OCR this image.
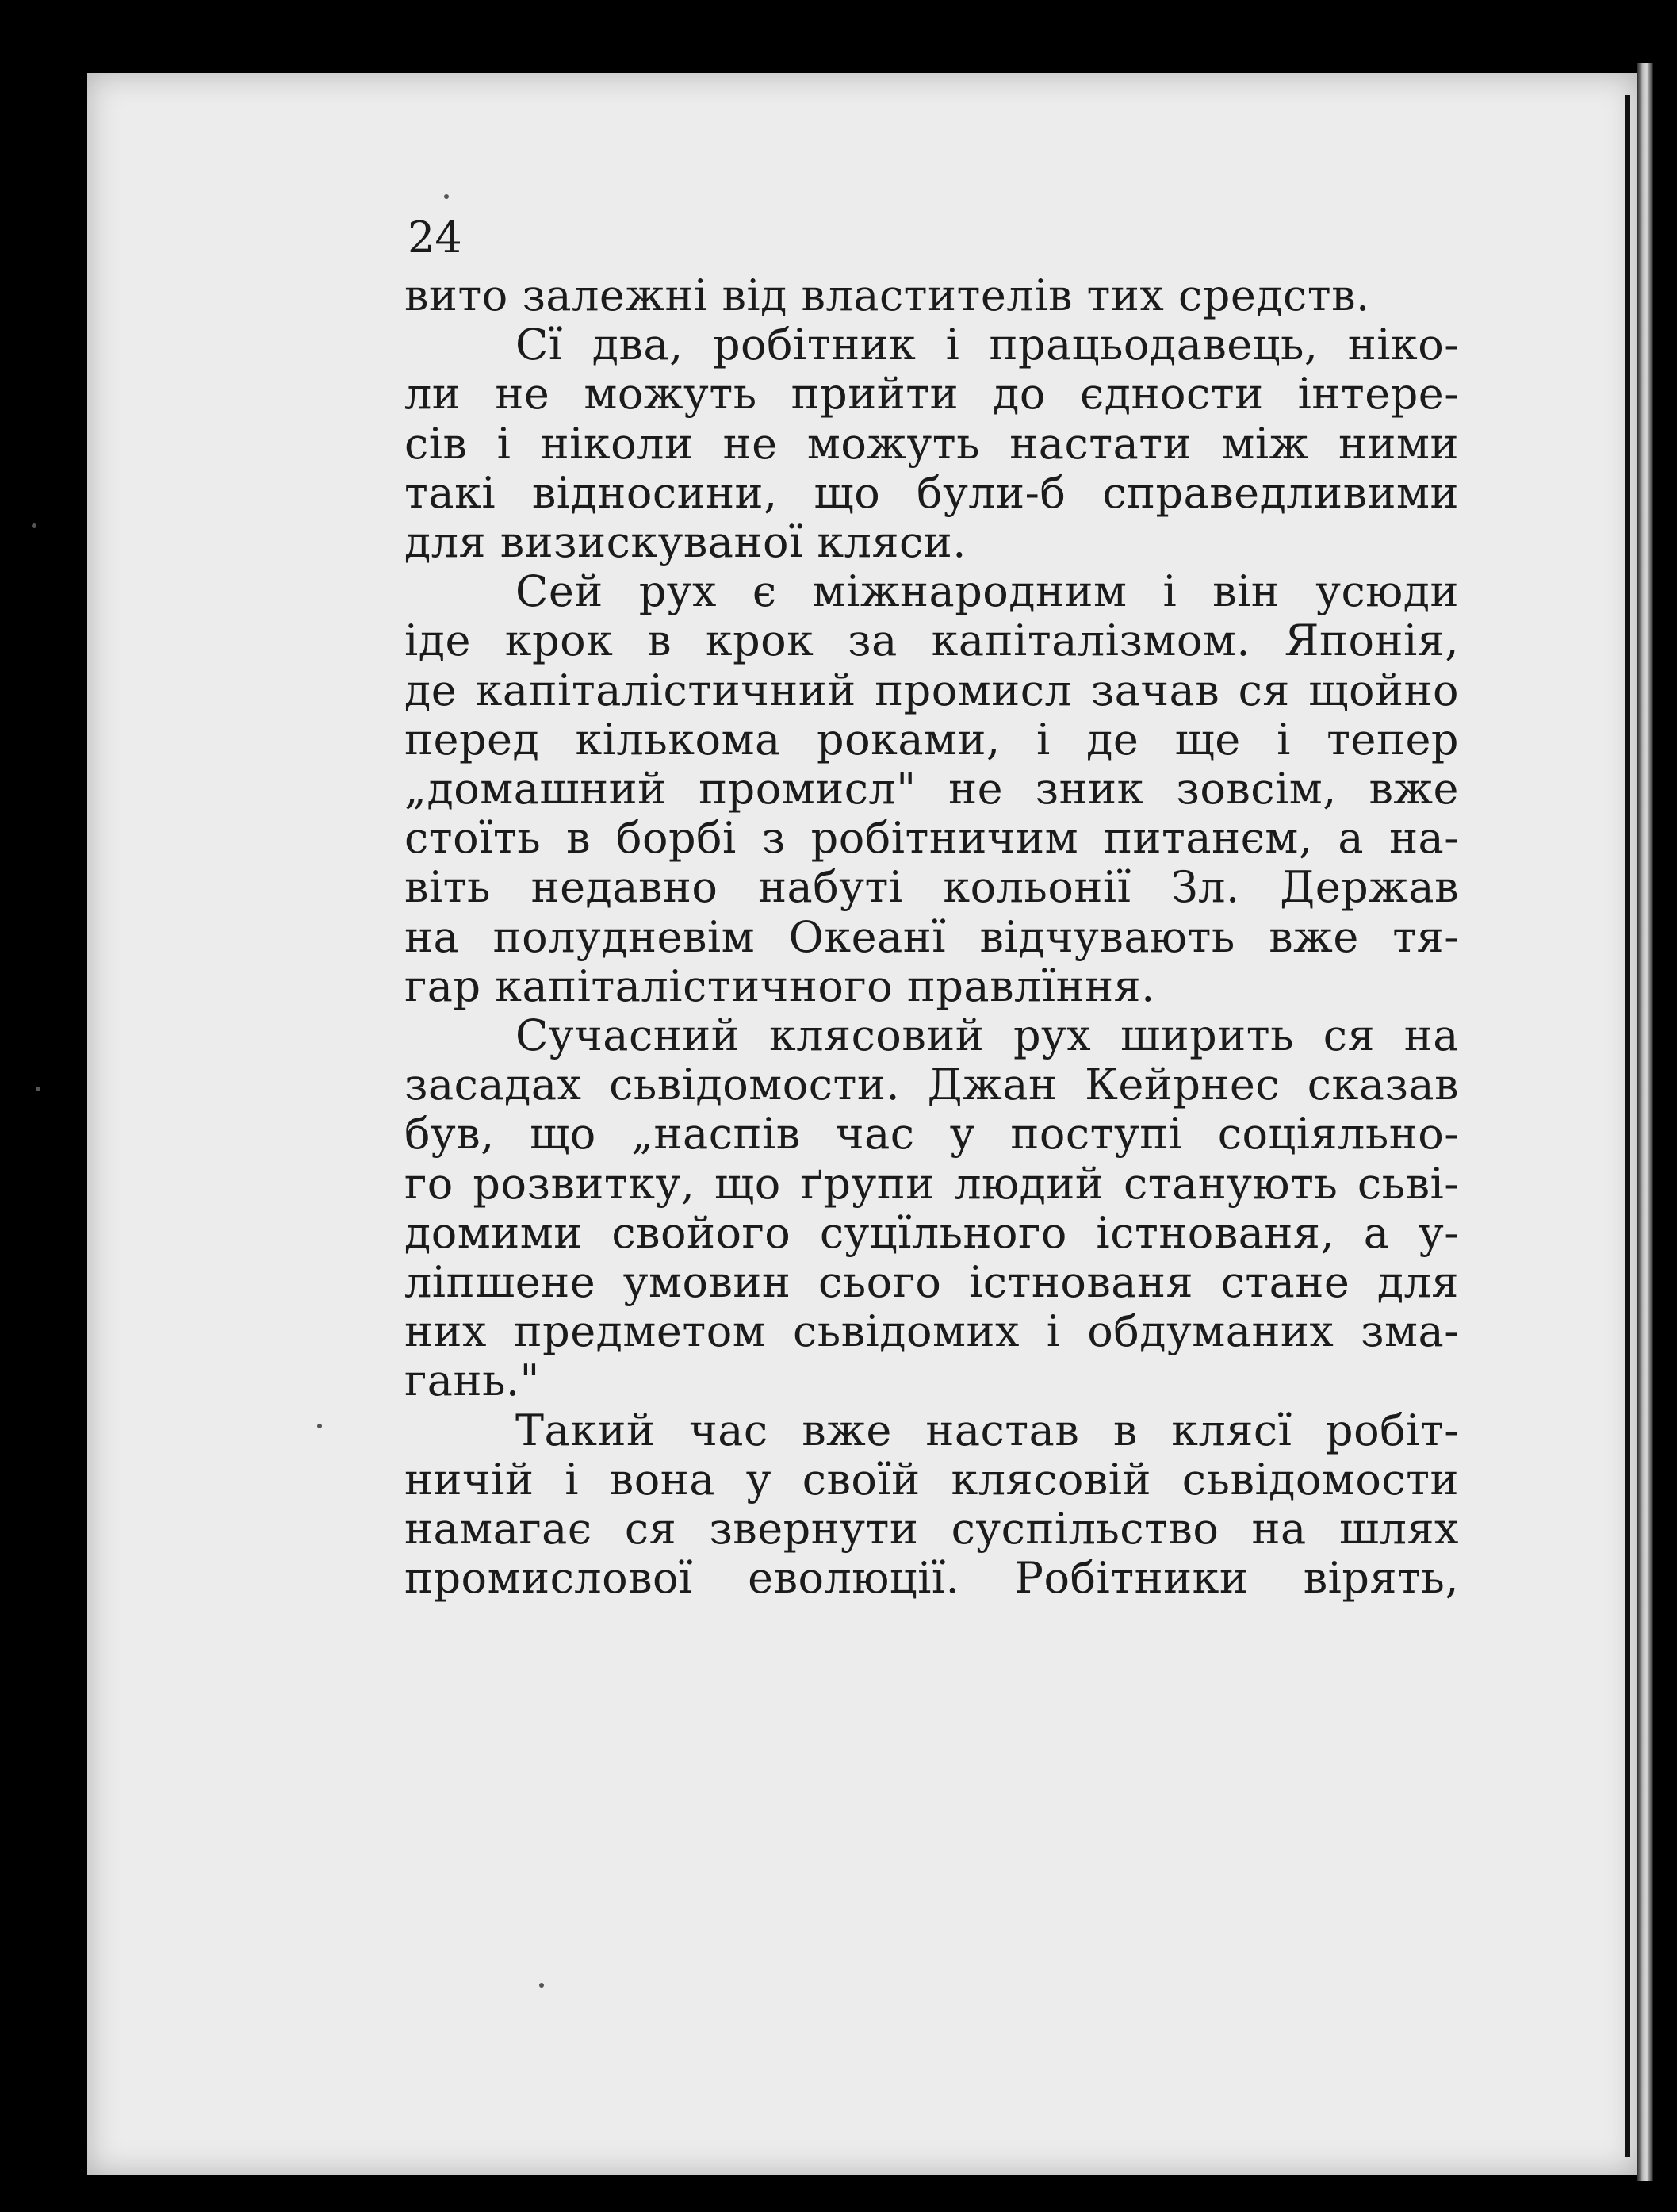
24
вито залежні від властителів тих средств.
Сї два, робітник і працьодавець, ніко-
ли не можуть прийти до єдности інтере-
сів і ніколи не можуть настати між ними
такі відносини, що були-б справедливими
для визискуваної кляси.
Сей рух є міжнародним і він усюди
іде крок в крок за капіталізмом. Японія,
де капіталістичний промисл зачав ся щойно
перед кількома роками, і де ще і тепер
„домашний промисл" не зник зовсім, вже
стоїть в борбі з робітничим питанєм, а на-
віть недавно набуті кольонії Зл. Держав
на полудневім Океанї відчувають вже тя-
гар капіталістичного правлїння.
Сучасний клясовий рух ширить ся на
засадах сьвідомости. Джан Кейрнес сказав
був, що „наспів час у поступі соціяльно-
го розвитку, що ґрупи людий станують сьві-
домими свойого суцїльного істнованя, а у-
ліпшене умовин сього істнованя стане для
них предметом сьвідомих і обдуманих зма-
гань."
Такий час вже настав в клясї робіт-
ничій і вона у своїй клясовій сьвідомости
намагає ся звернути суспільство на шлях
промислової еволюції. Робітники вірять,
